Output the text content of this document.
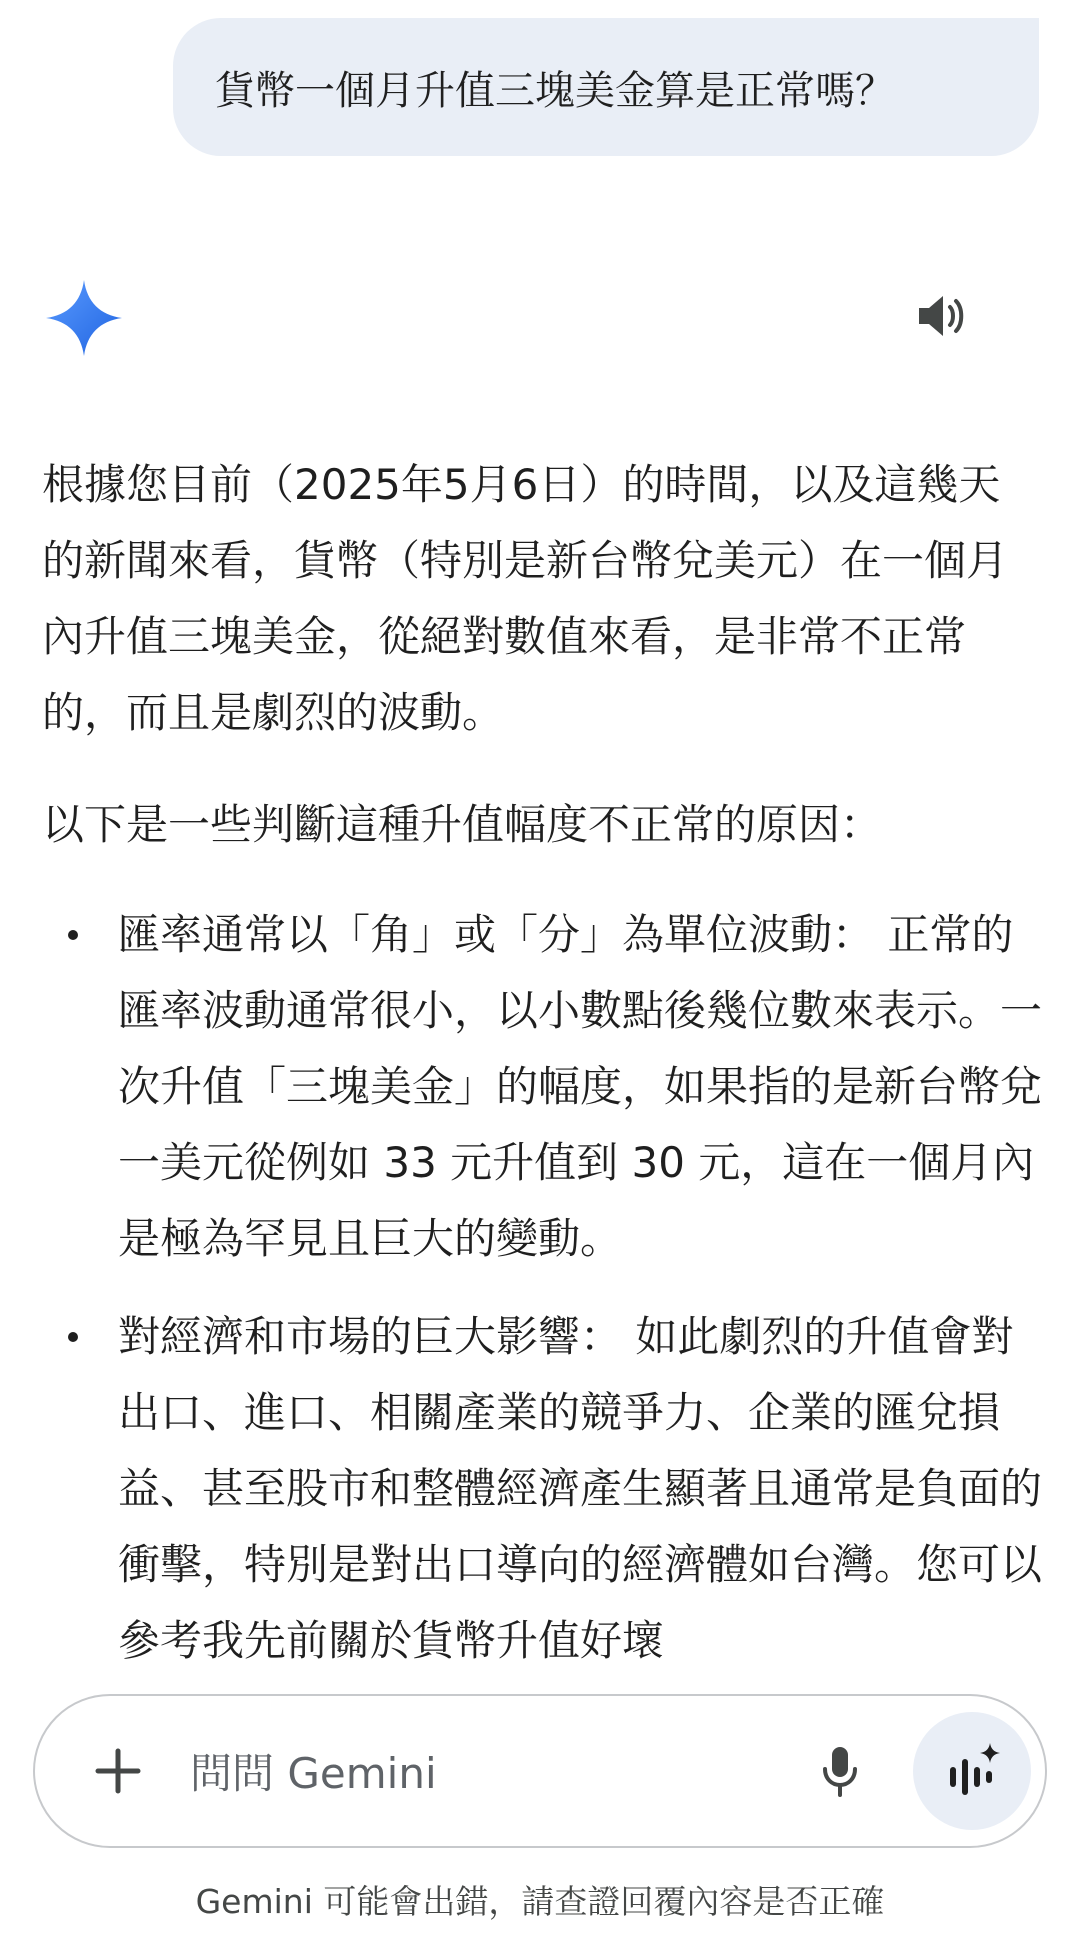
貨幣一個月升值三塊美金算是正常嗎？

根據您目前（2025年5月6日）的時間，以及這幾天的新聞來看，貨幣（特別是新台幣兌美元）在一個月內升值三塊美金，從絕對數值來看，是非常不正常的，而且是劇烈的波動。

以下是一些判斷這種升值幅度不正常的原因：

匯率通常以「角」或「分」為單位波動： 正常的匯率波動通常很小，以小數點後幾位數來表示。一次升值「三塊美金」的幅度，如果指的是新台幣兌一美元從例如 33 元升值到 30 元，這在一個月內是極為罕見且巨大的變動。
對經濟和市場的巨大影響： 如此劇烈的升值會對出口、進口、相關產業的競爭力、企業的匯兌損益、甚至股市和整體經濟產生顯著且通常是負面的衝擊，特別是對出口導向的經濟體如台灣。您可以參考我先前關於貨幣升值好壞
問問 Gemini
Gemini 可能會出錯，請查證回覆內容是否正確
